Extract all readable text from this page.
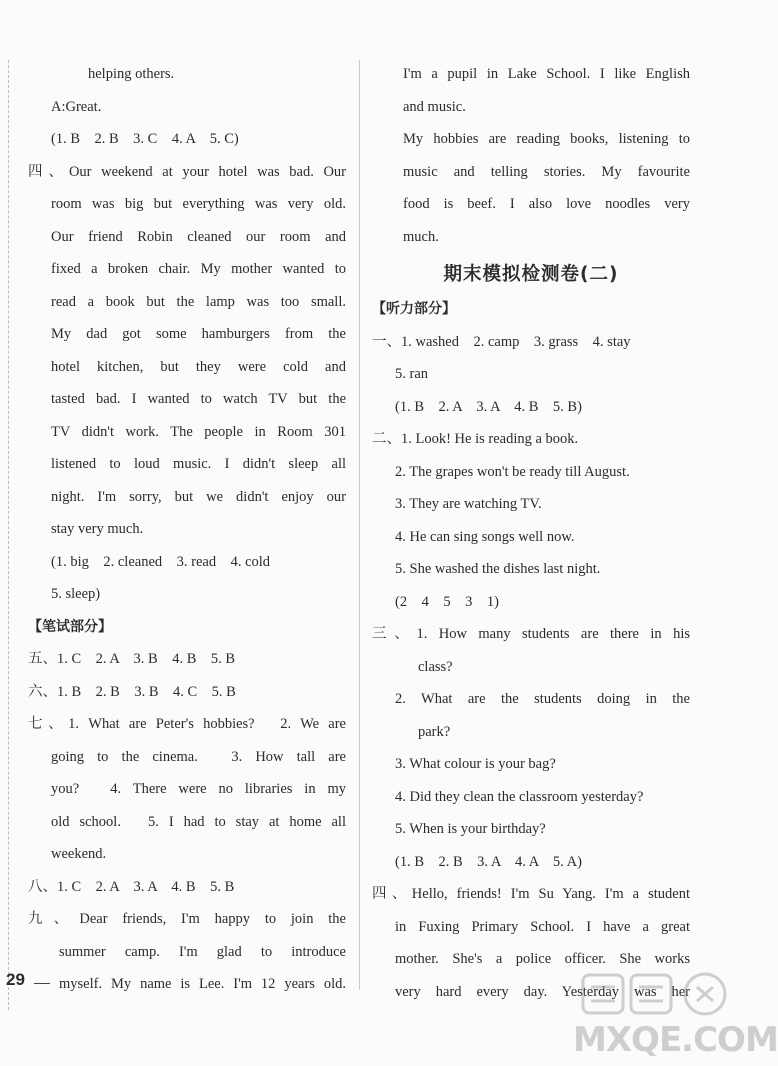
helping others.
A:Great.
(1. B　2. B　3. C　4. A　5. C)
四、Our weekend at your hotel was bad. Our
room was big but everything was very old.
Our friend Robin cleaned our room and
fixed a broken chair. My mother wanted to
read a book but the lamp was too small.
My dad got some hamburgers from the
hotel kitchen, but they were cold and
tasted bad. I wanted to watch TV but the
TV didn't work. The people in Room 301
listened to loud music. I didn't sleep all
night. I'm sorry, but we didn't enjoy our
stay very much.
(1. big　2. cleaned　3. read　4. cold
5. sleep)
【笔试部分】
五、1. C　2. A　3. B　4. B　5. B
六、1. B　2. B　3. B　4. C　5. B
七、1. What are Peter's hobbies?　2. We are
going to the cinema.　3. How tall are
you?　4. There were no libraries in my
old school.　5. I had to stay at home all
weekend.
八、1. C　2. A　3. A　4. B　5. B
九、Dear friends, I'm happy to join the
summer camp. I'm glad to introduce
myself. My name is Lee. I'm 12 years old.
I'm a pupil in Lake School. I like English
and music.
My hobbies are reading books, listening to
music and telling stories. My favourite
food is beef. I also love noodles very
much.
期末模拟检测卷(二)
【听力部分】
一、1. washed　2. camp　3. grass　4. stay
5. ran
(1. B　2. A　3. A　4. B　5. B)
二、1. Look! He is reading a book.
2. The grapes won't be ready till August.
3. They are watching TV.
4. He can sing songs well now.
5. She washed the dishes last night.
(2　4　5　3　1)
三、1. How many students are there in his
class?
2. What are the students doing in the
park?
3. What colour is your bag?
4. Did they clean the classroom yesterday?
5. When is your birthday?
(1. B　2. B　3. A　4. A　5. A)
四、Hello, friends! I'm Su Yang. I'm a student
in Fuxing Primary School. I have a great
mother. She's a police officer. She works
very hard every day. Yesterday was her
29
MXQE.COM
